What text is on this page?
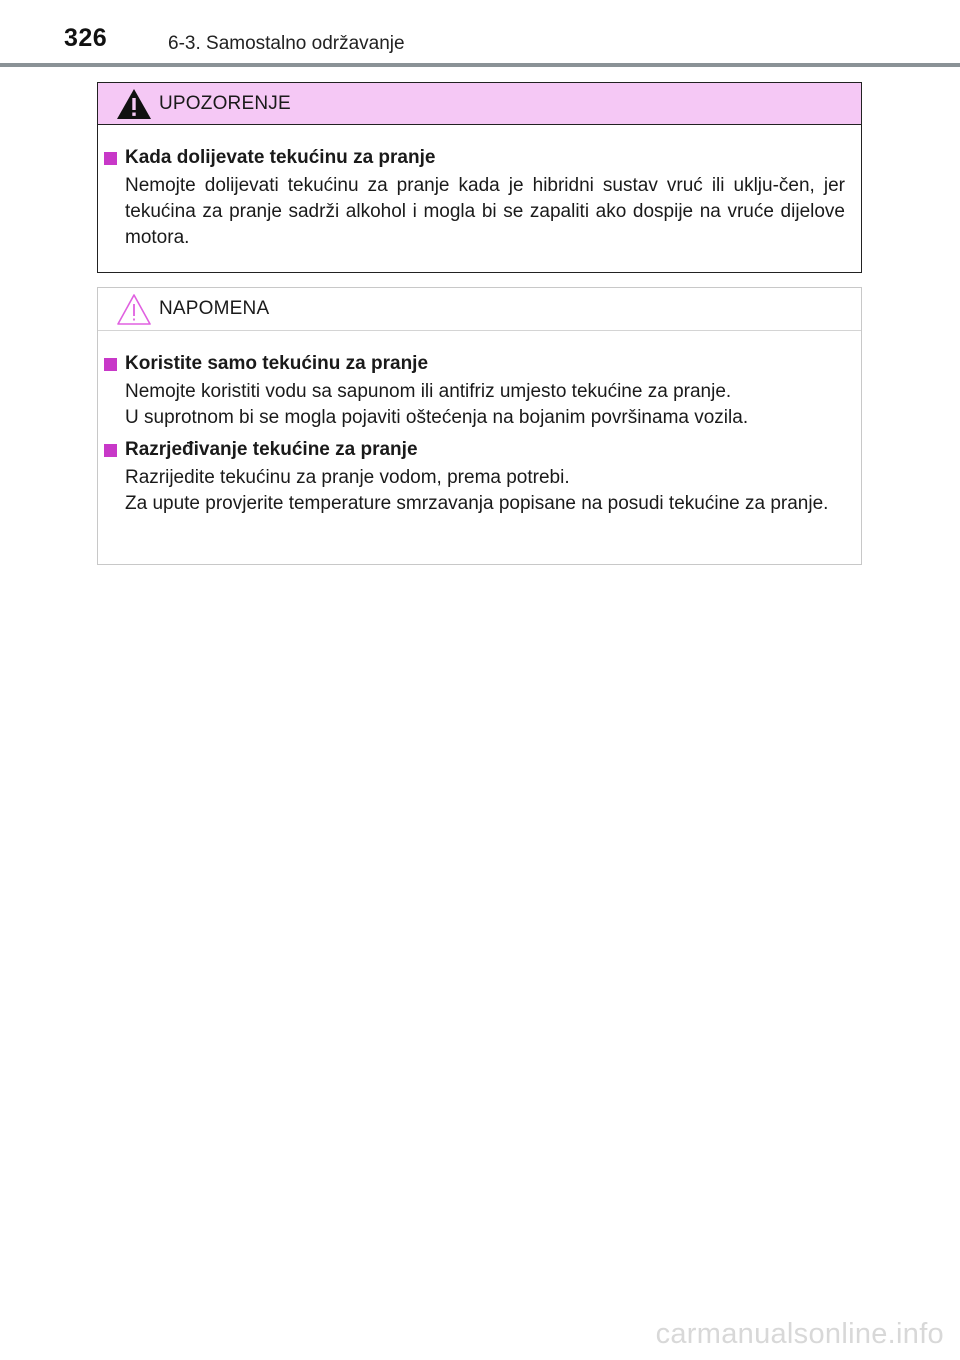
326	6-3. Samostalno održavanje
UPOZORENJE
Kada dolijevate tekućinu za pranje

Nemojte dolijevati tekućinu za pranje kada je hibridni sustav vruć ili uklju-čen, jer tekućina za pranje sadrži alkohol i mogla bi se zapaliti ako dospije na vruće dijelove motora.

NAPOMENA
Koristite samo tekućinu za pranje

Nemojte koristiti vodu sa sapunom ili antifriz umjesto tekućine za pranje.

U suprotnom bi se mogla pojaviti oštećenja na bojanim površinama vozila.

Razrjeđivanje tekućine za pranje

Razrijedite tekućinu za pranje vodom, prema potrebi.

Za upute provjerite temperature smrzavanja popisane na posudi tekućine za pranje.

carmanualsonline.info
